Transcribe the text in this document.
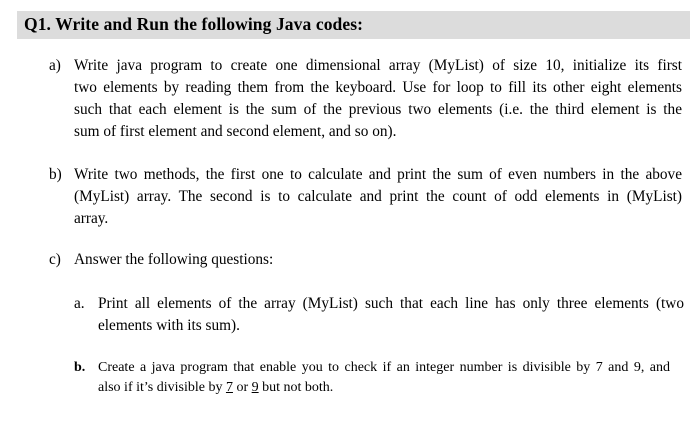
Q1. Write and Run the following Java codes:
a) Write java program to create one dimensional array (MyList) of size 10, initialize its first
two elements by reading them from the keyboard. Use for loop to fill its other eight elements
such that each element is the sum of the previous two elements (i.e. the third element is the
sum of first element and second element, and so on).
b) Write two methods, the first one to calculate and print the sum of even numbers in the above
(MyList) array. The second is to calculate and print the count of odd elements in (MyList)
array.
c) Answer the following questions:
a. Print all elements of the array (MyList) such that each line has only three elements (two
elements with its sum).
b. Create a java program that enable you to check if an integer number is divisible by 7 and 9, and
also if it’s divisible by 7 or 9 but not both.
